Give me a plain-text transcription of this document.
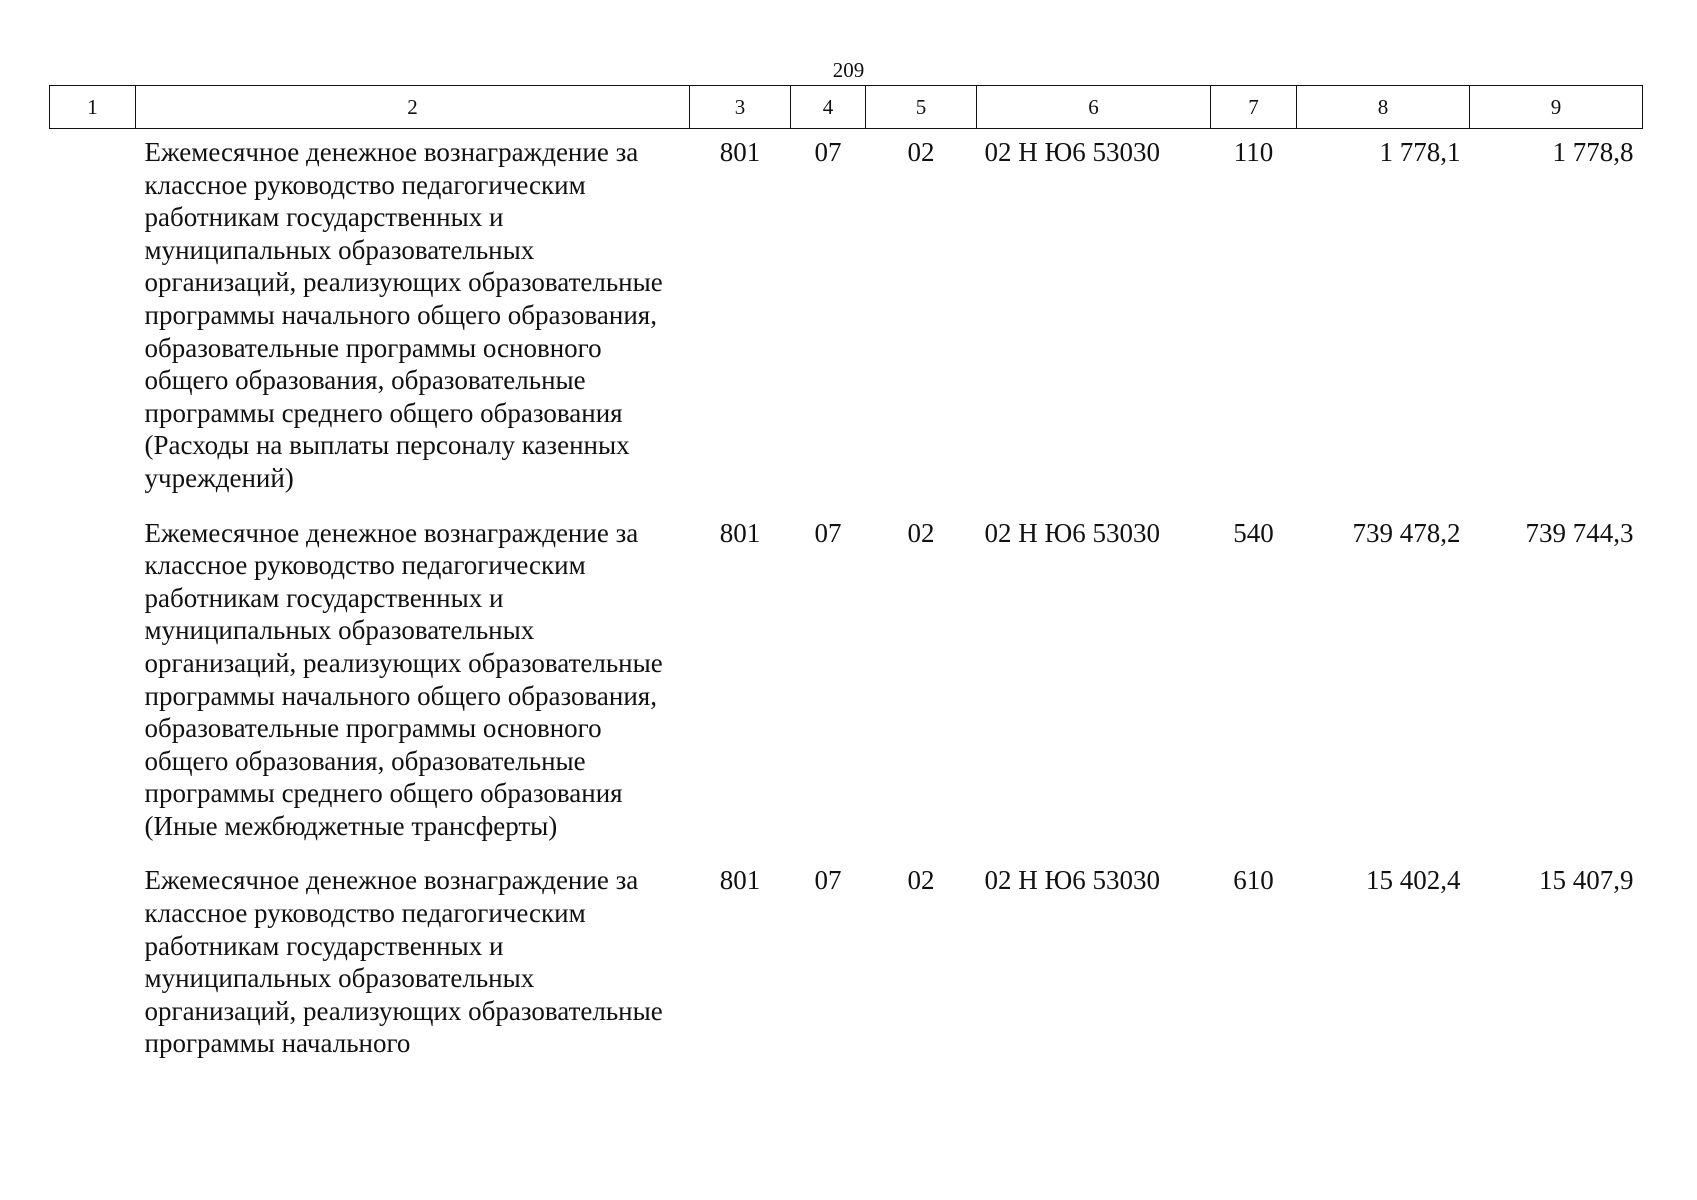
209
1	2	3	4	5	6	7	8	9
	Ежемесячное денежное вознаграждение за классное руководство педагогическим работникам государственных и муниципальных образовательных организаций, реализующих образовательные программы начального общего образования, образовательные программы основного общего образования, образовательные программы среднего общего образования (Расходы на выплаты персоналу казенных учреждений)	801	07	02	02 Н Ю6 53030	110	1 778,1	1 778,8
	Ежемесячное денежное вознаграждение за классное руководство педагогическим работникам государственных и муниципальных образовательных организаций, реализующих образовательные программы начального общего образования, образовательные программы основного общего образования, образовательные программы среднего общего образования (Иные межбюджетные трансферты)	801	07	02	02 Н Ю6 53030	540	739 478,2	739 744,3
	Ежемесячное денежное вознаграждение за классное руководство педагогическим работникам государственных и муниципальных образовательных организаций, реализующих образовательные программы начального	801	07	02	02 Н Ю6 53030	610	15 402,4	15 407,9
